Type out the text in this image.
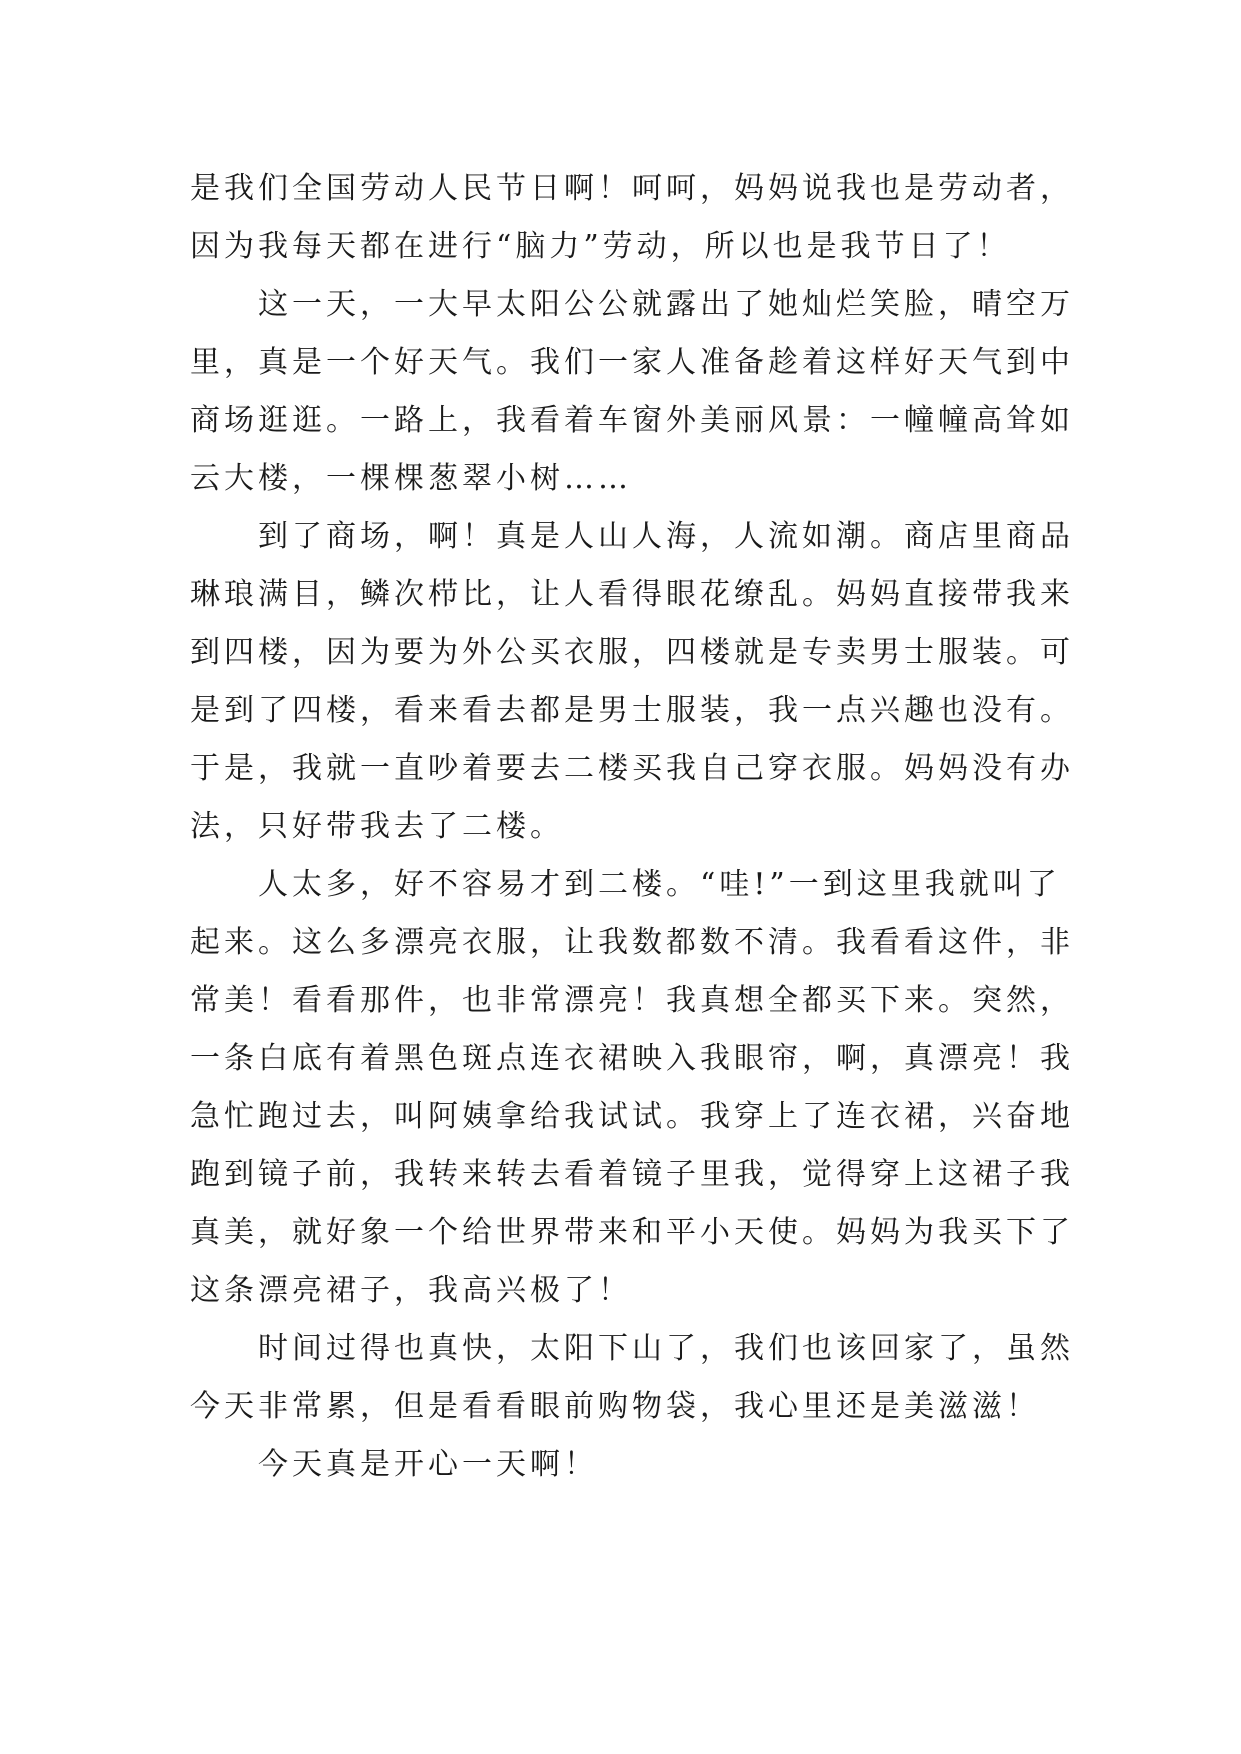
是我们全国劳动人民节日啊！呵呵，妈妈说我也是劳动者，
因为我每天都在进行“脑力”劳动，所以也是我节日了！
　　这一天，一大早太阳公公就露出了她灿烂笑脸，晴空万
里，真是一个好天气。我们一家人准备趁着这样好天气到中
商场逛逛。一路上，我看着车窗外美丽风景：一幢幢高耸如
云大楼，一棵棵葱翠小树……
　　到了商场，啊！真是人山人海，人流如潮。商店里商品
琳琅满目，鳞次栉比，让人看得眼花缭乱。妈妈直接带我来
到四楼，因为要为外公买衣服，四楼就是专卖男士服装。可
是到了四楼，看来看去都是男士服装，我一点兴趣也没有。
于是，我就一直吵着要去二楼买我自己穿衣服。妈妈没有办
法，只好带我去了二楼。
　　人太多，好不容易才到二楼。“哇!”一到这里我就叫了
起来。这么多漂亮衣服，让我数都数不清。我看看这件，非
常美！看看那件，也非常漂亮！我真想全都买下来。突然，
一条白底有着黑色斑点连衣裙映入我眼帘，啊，真漂亮！我
急忙跑过去，叫阿姨拿给我试试。我穿上了连衣裙，兴奋地
跑到镜子前，我转来转去看着镜子里我，觉得穿上这裙子我
真美，就好象一个给世界带来和平小天使。妈妈为我买下了
这条漂亮裙子，我高兴极了！
　　时间过得也真快，太阳下山了，我们也该回家了，虽然
今天非常累，但是看看眼前购物袋，我心里还是美滋滋！
　　今天真是开心一天啊！
